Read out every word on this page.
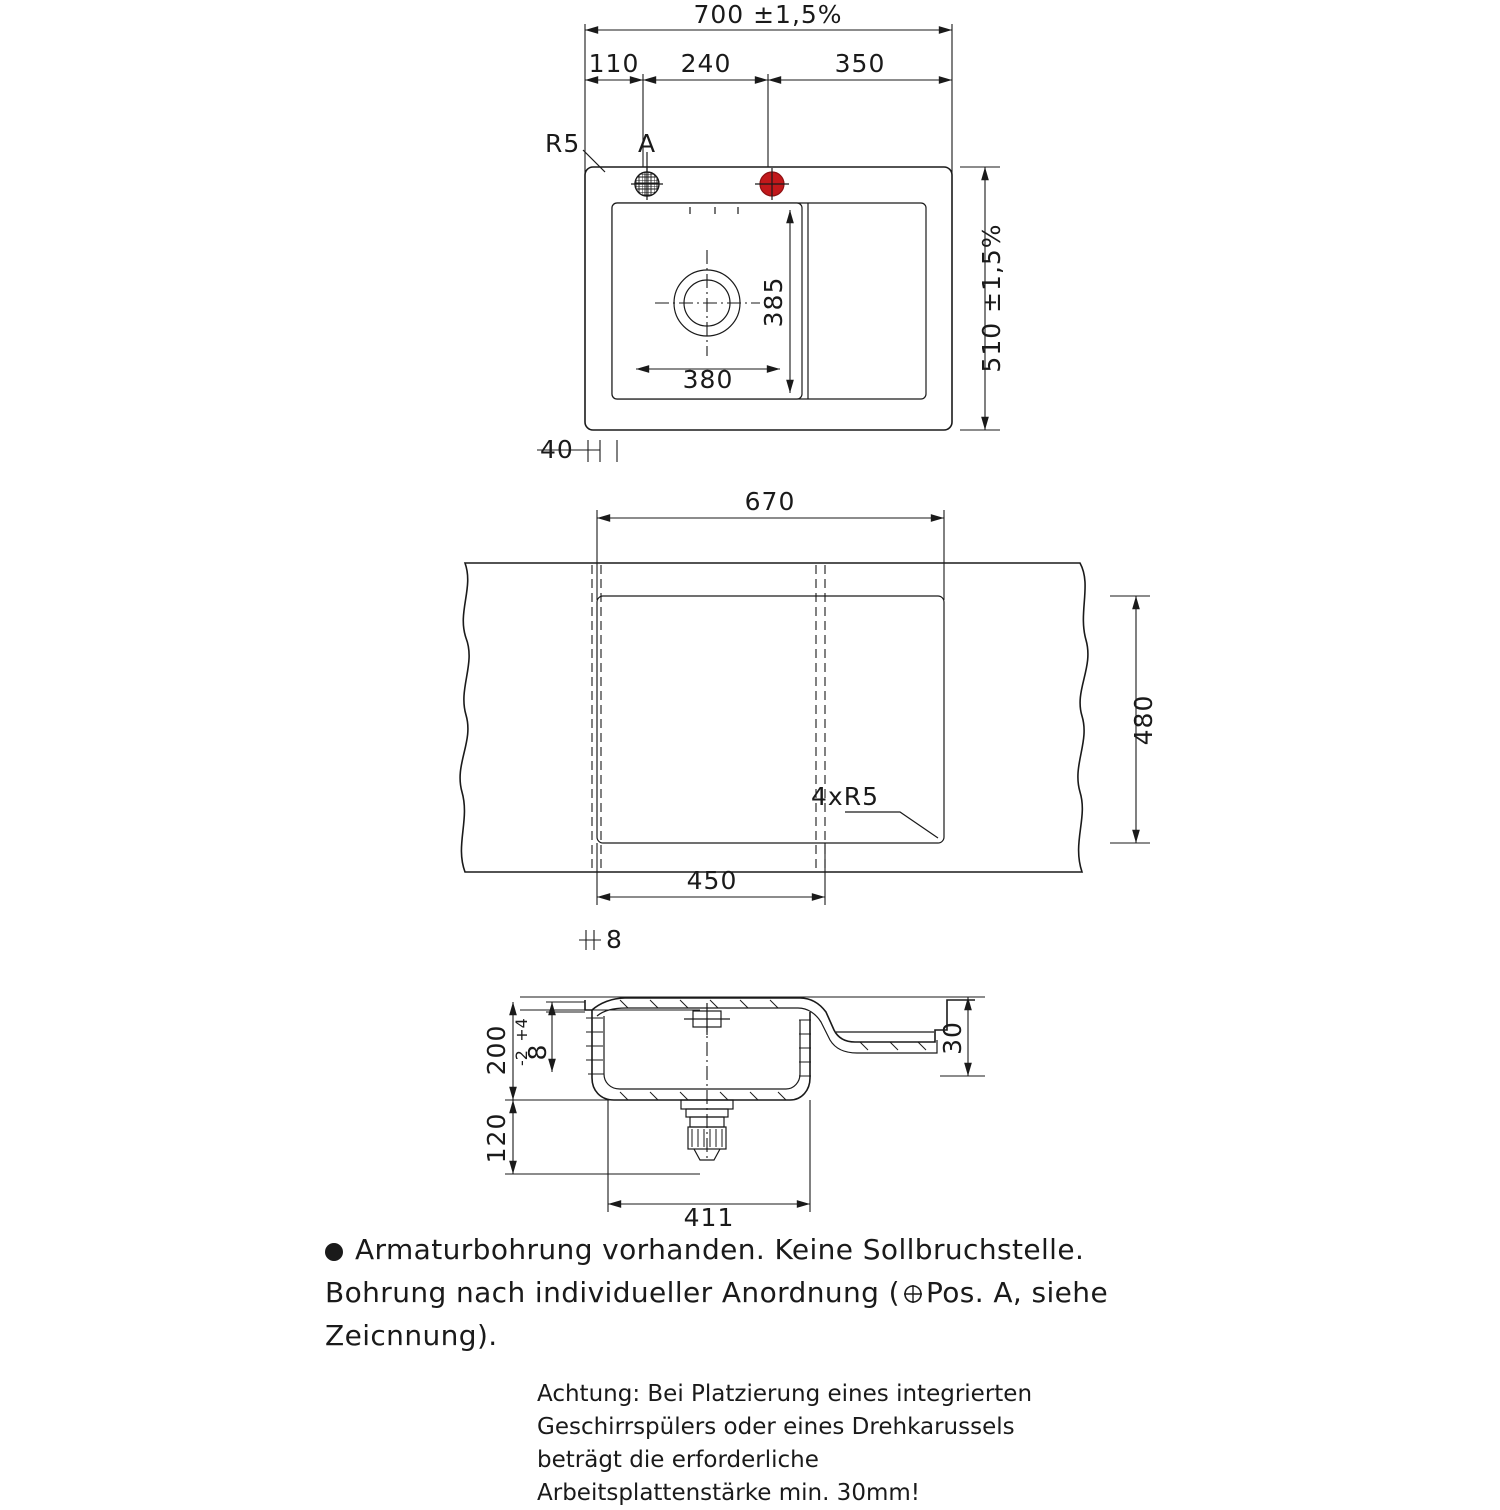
700 ±1,5%
110 240	350
R5 A
510 ±1,5%
385
380
40
670
480
450
4xR5
8
200 8
+4
-2
120
30
411
Armaturbohrung vorhanden. Keine Sollbruchstelle.
Bohrung nach individueller Anordnung ( Pos. A, siehe
Zeicnnung).
Achtung: Bei Platzierung eines integrierten
Geschirrspülers oder eines Drehkarussels
beträgt die erforderliche
Arbeitsplattenstärke min. 30mm!
